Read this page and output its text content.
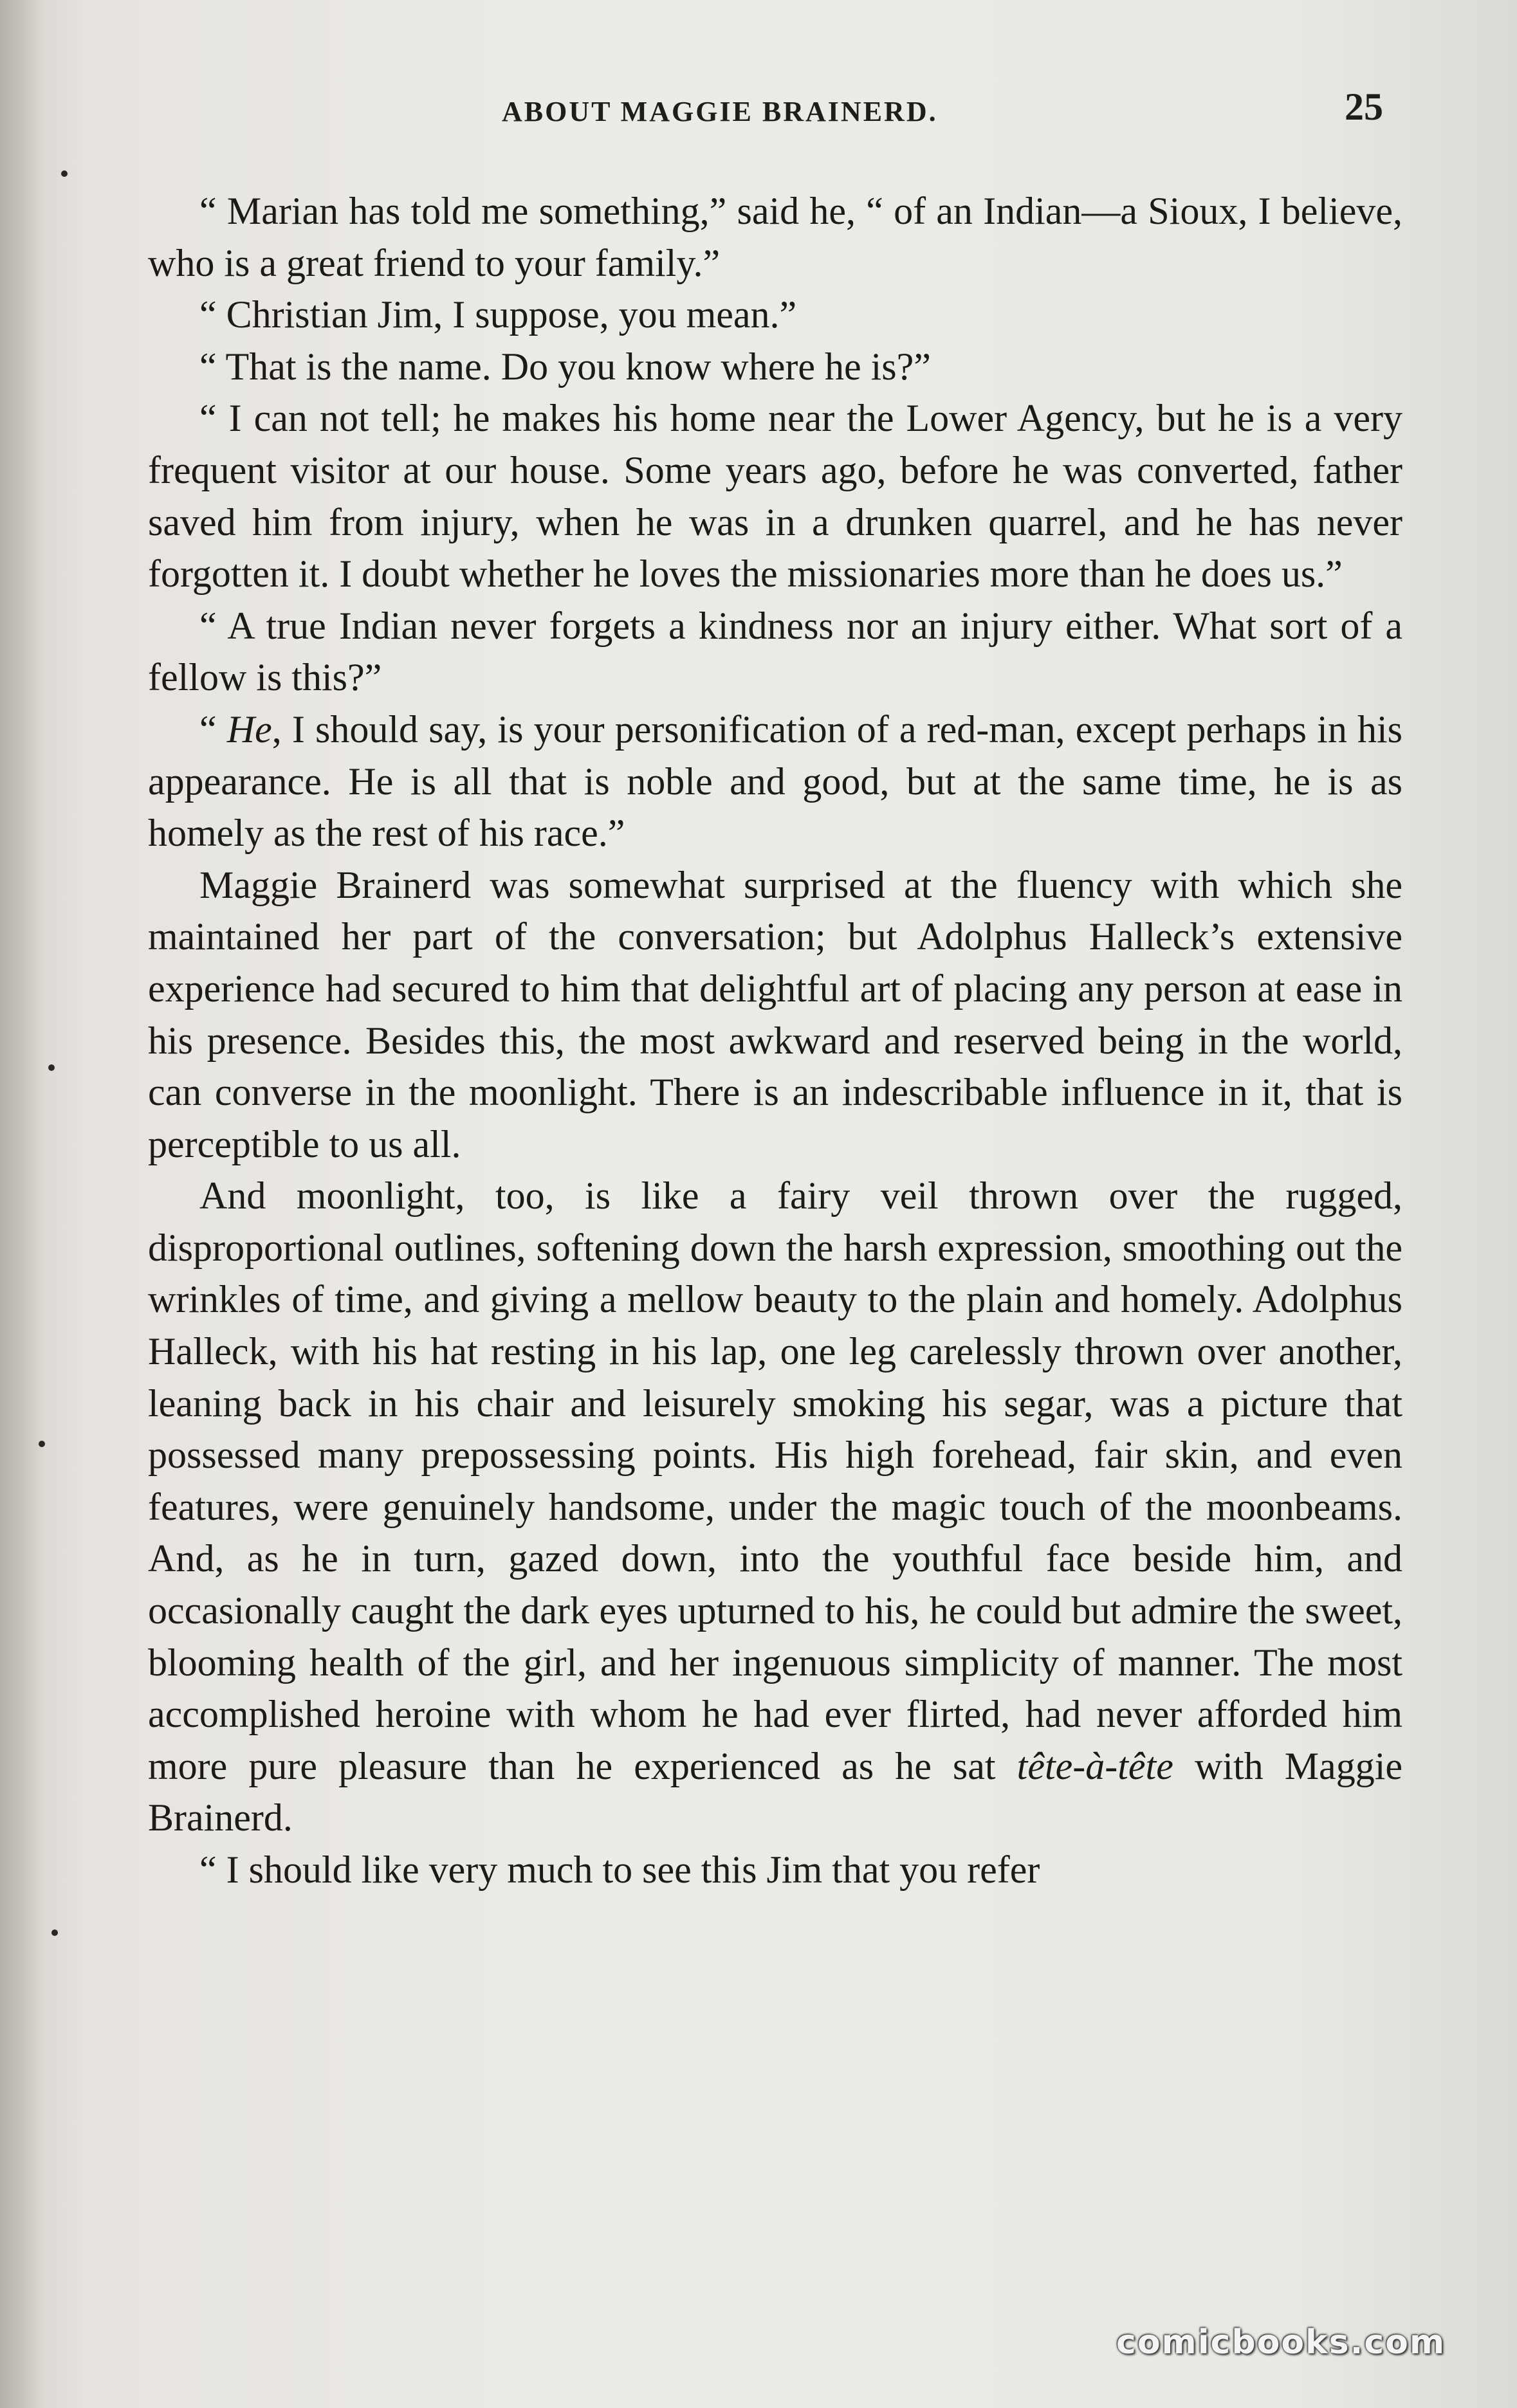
ABOUT MAGGIE BRAINERD.	25

“ Marian has told me something,” said he, “ of an Indian—a Sioux, I believe, who is a great friend to your family.”

“ Christian Jim, I suppose, you mean.”

“ That is the name. Do you know where he is?”

“ I can not tell; he makes his home near the Lower Agency, but he is a very frequent visitor at our house. Some years ago, before he was converted, father saved him from injury, when he was in a drunken quarrel, and he has never forgotten it. I doubt whether he loves the missionaries more than he does us.”

“ A true Indian never forgets a kindness nor an injury either. What sort of a fellow is this?”

“ He, I should say, is your personification of a red-man, except perhaps in his appearance. He is all that is noble and good, but at the same time, he is as homely as the rest of his race.”

Maggie Brainerd was somewhat surprised at the fluency with which she maintained her part of the conversation; but Adolphus Halleck’s extensive experience had secured to him that delightful art of placing any person at ease in his presence. Besides this, the most awkward and reserved being in the world, can converse in the moonlight. There is an indescribable influence in it, that is perceptible to us all.

And moonlight, too, is like a fairy veil thrown over the rugged, disproportional outlines, softening down the harsh expression, smoothing out the wrinkles of time, and giving a mellow beauty to the plain and homely. Adolphus Halleck, with his hat resting in his lap, one leg carelessly thrown over another, leaning back in his chair and leisurely smoking his segar, was a picture that possessed many prepossessing points. His high forehead, fair skin, and even features, were genuinely handsome, under the magic touch of the moonbeams. And, as he in turn, gazed down, into the youthful face beside him, and occasionally caught the dark eyes upturned to his, he could but admire the sweet, blooming health of the girl, and her ingenuous simplicity of manner. The most accomplished heroine with whom he had ever flirted, had never afforded him more pure pleasure than he experienced as he sat tête-à-tête with Maggie Brainerd.

“ I should like very much to see this Jim that you refer

comicbooks.com
